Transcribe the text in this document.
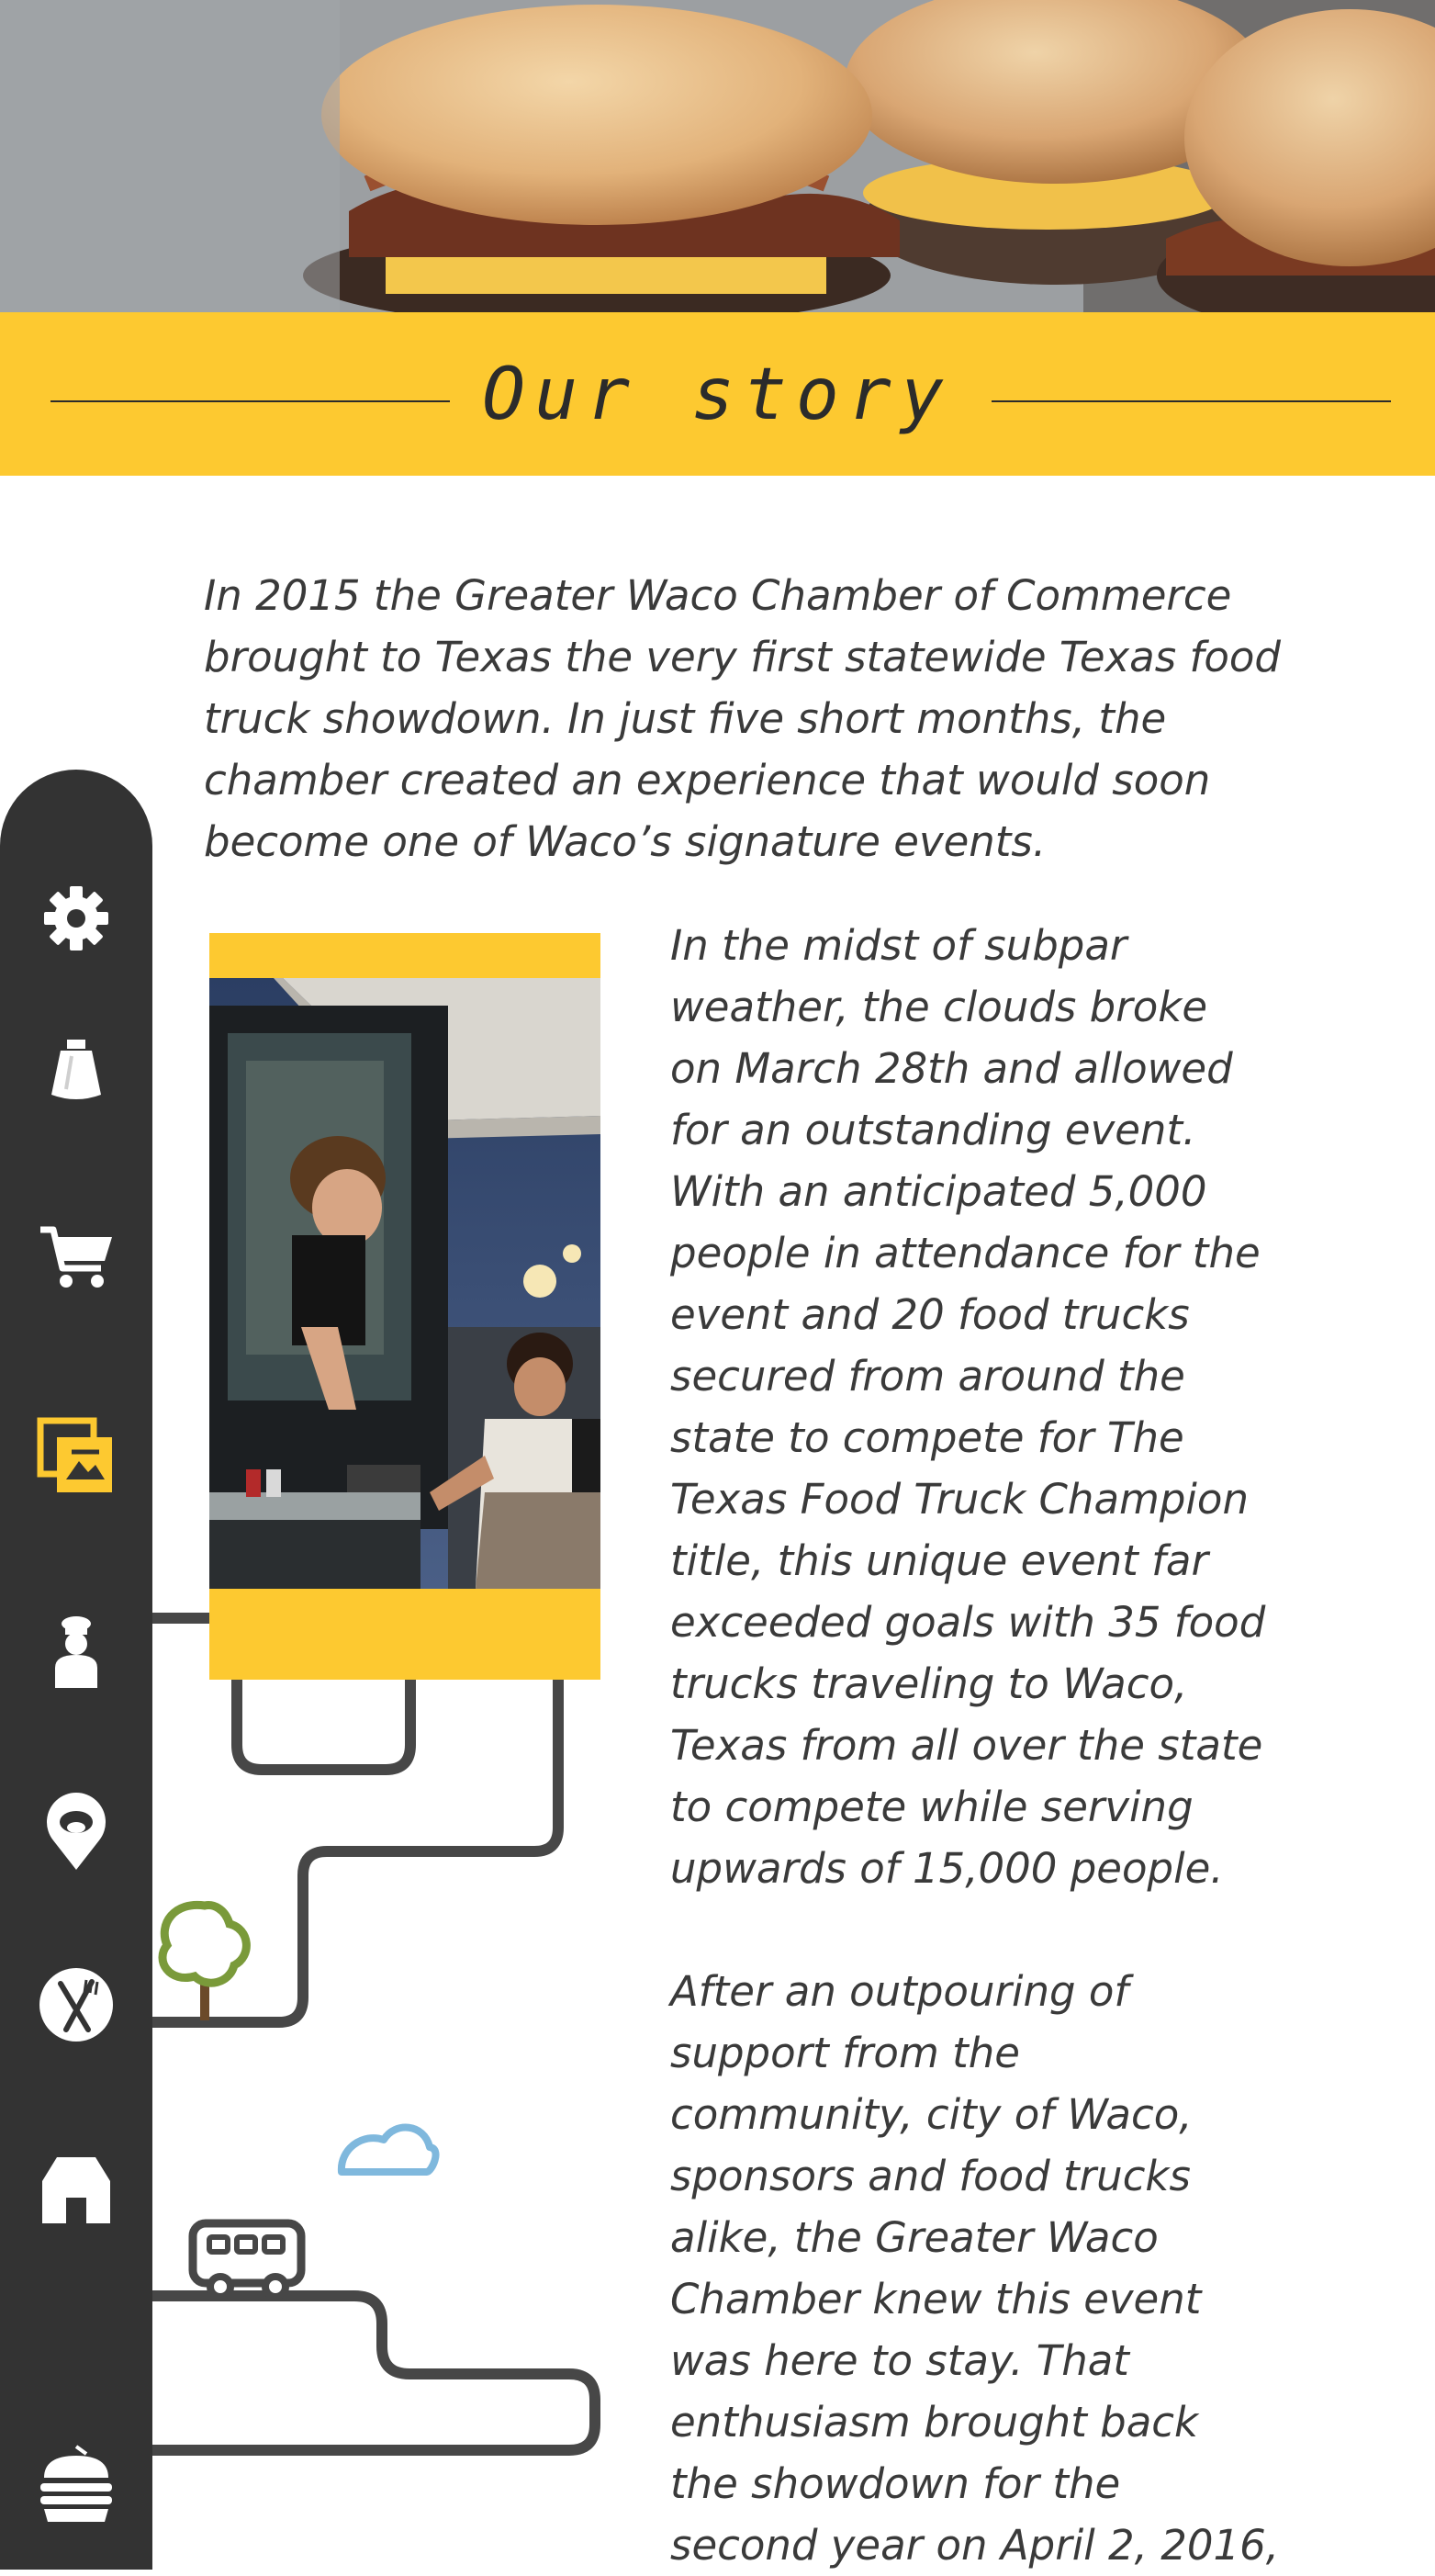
Our story

In 2015 the Greater Waco Chamber of Commerce brought to Texas the very first statewide Texas food truck showdown. In just five short months, the chamber created an experience that would soon become one of Waco’s signature events.

In the midst of subpar
weather, the clouds broke
on March 28th and allowed
for an outstanding event.
With an anticipated 5,000
people in attendance for the
event and 20 food trucks
secured from around the
state to compete for The
Texas Food Truck Champion
title, this unique event far
exceeded goals with 35 food
trucks traveling to Waco,
Texas from all over the state
to compete while serving
upwards of 15,000 people.

After an outpouring of
support from the
community, city of Waco,
sponsors and food trucks
alike, the Greater Waco
Chamber knew this event
was here to stay. That
enthusiasm brought back
the showdown for the
second year on April 2, 2016,
